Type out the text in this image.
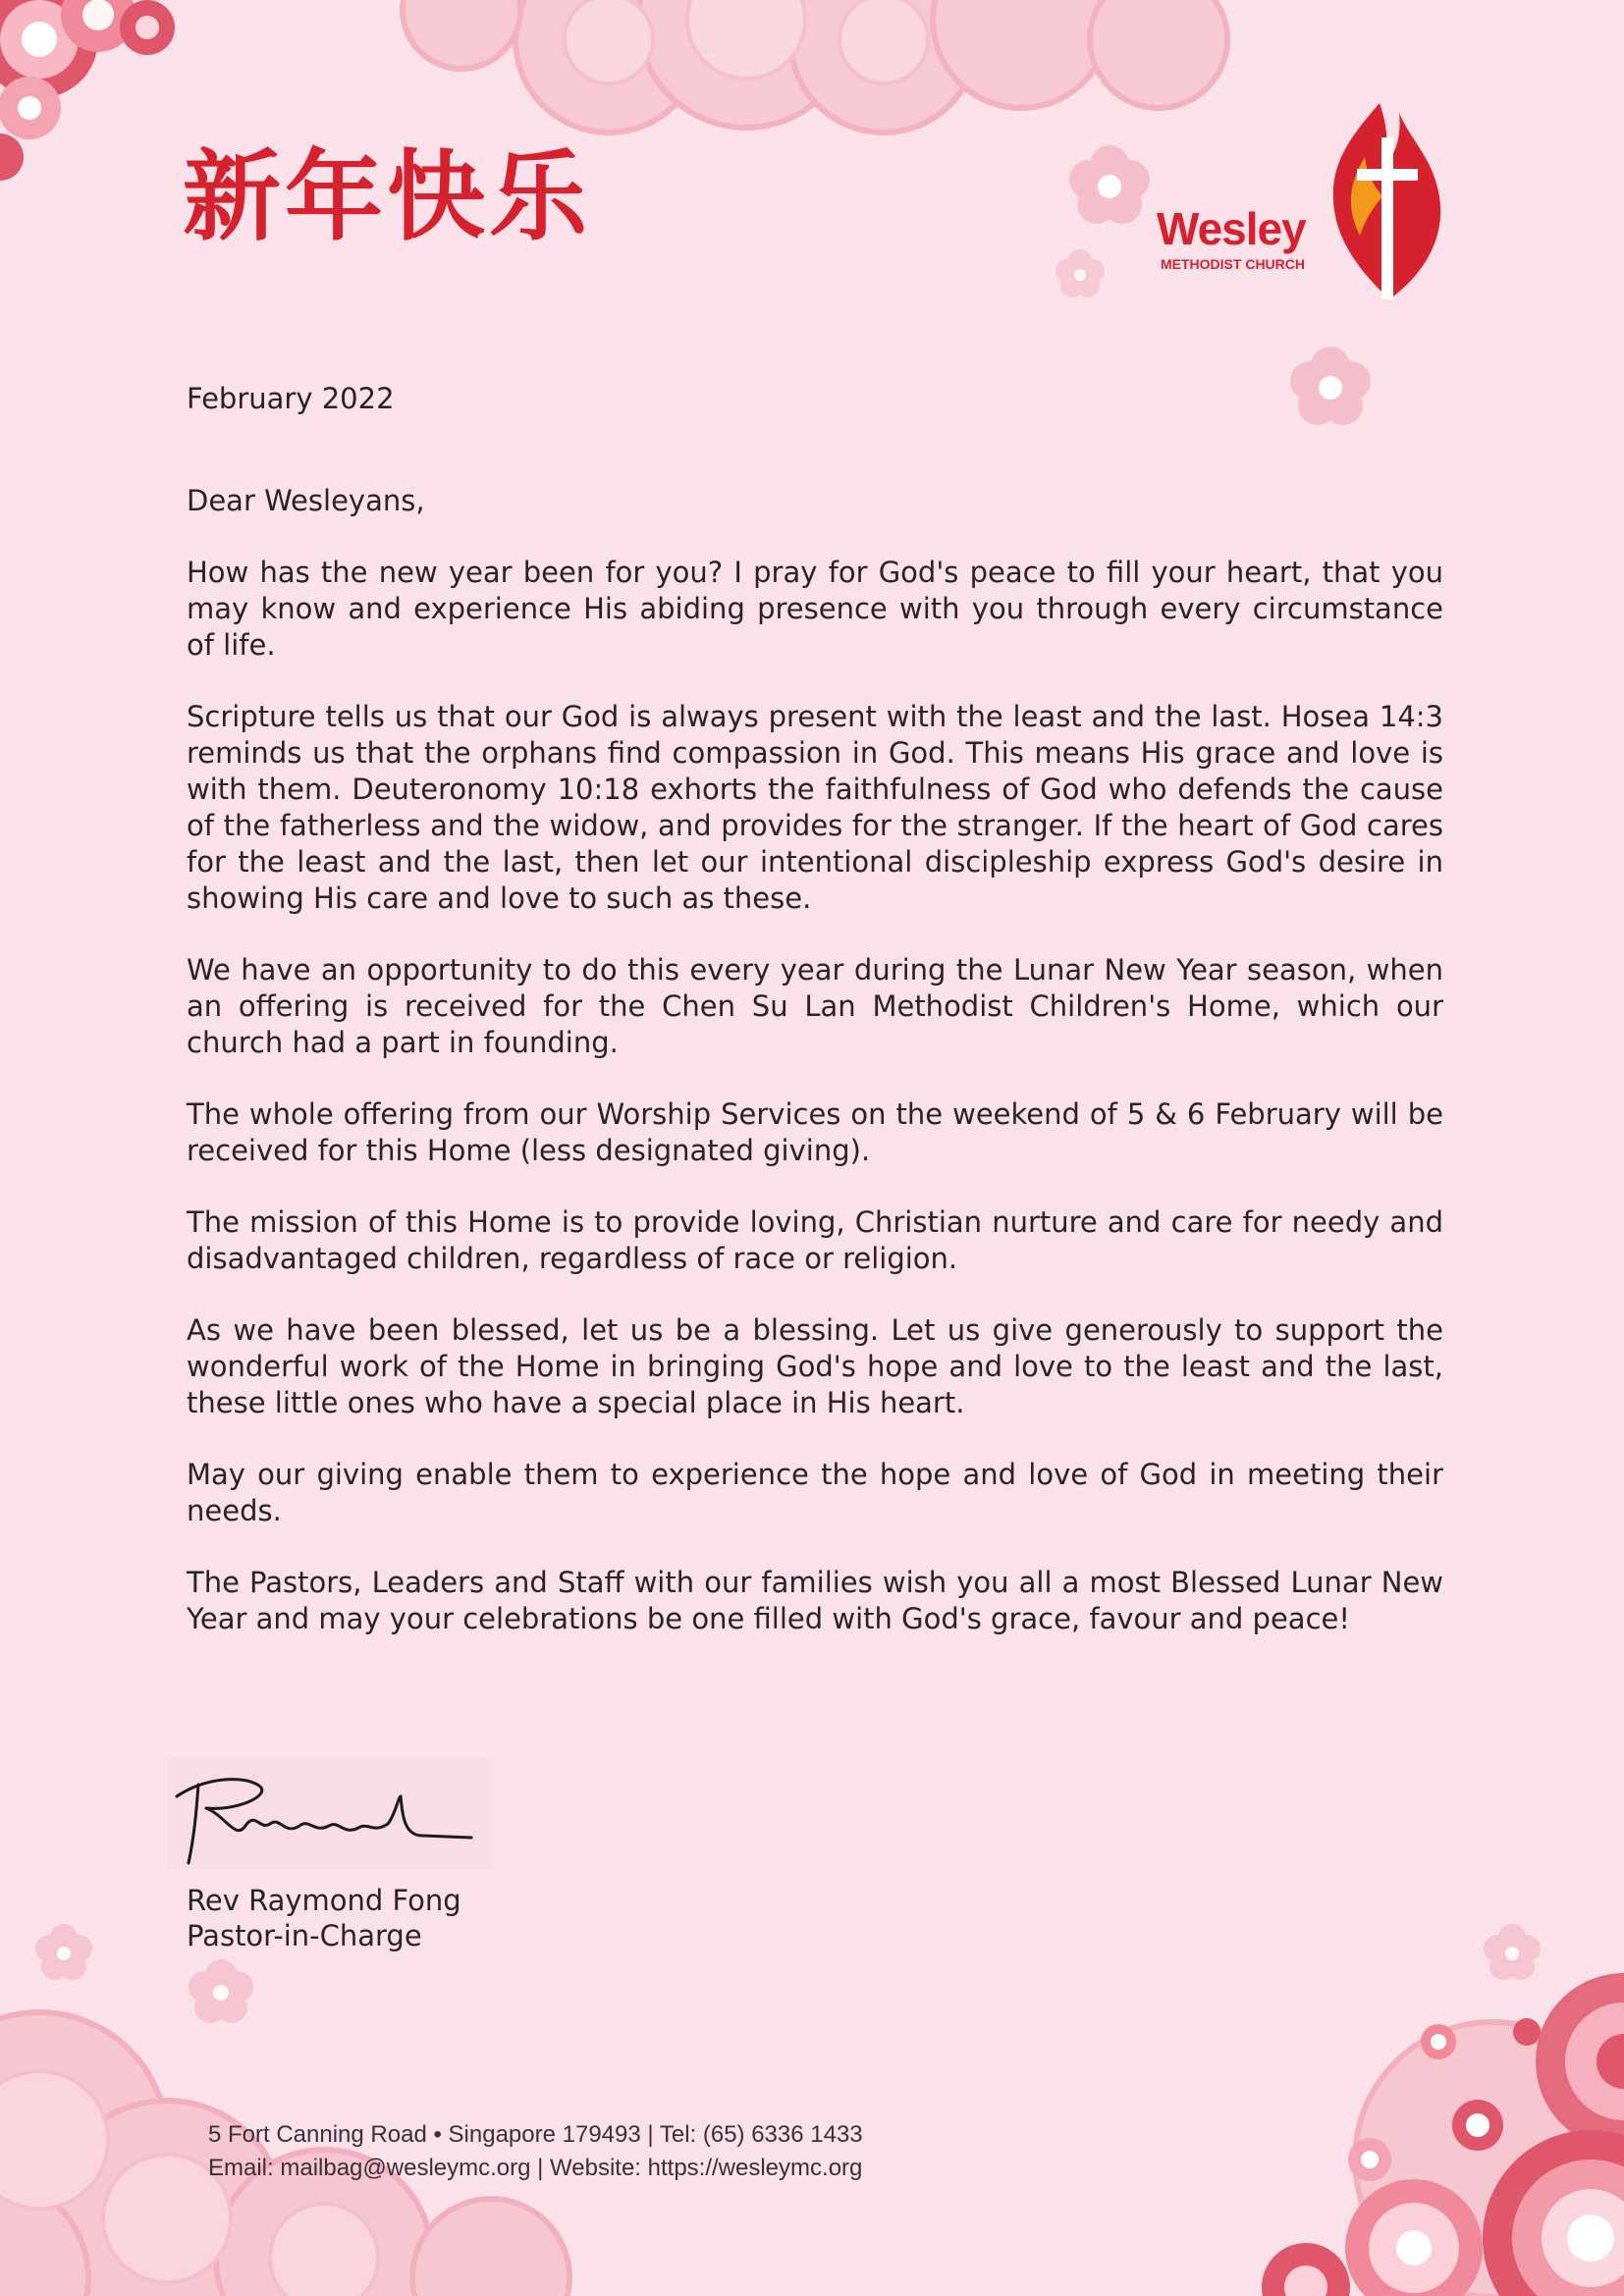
新年快乐	Wesley
METHODIST CHURCH

February 2022

Dear Wesleyans,

How has the new year been for you? I pray for God's peace to fill your heart, that you may know and experience His abiding presence with you through every circumstance of life.

Scripture tells us that our God is always present with the least and the last. Hosea 14:3 reminds us that the orphans find compassion in God. This means His grace and love is with them. Deuteronomy 10:18 exhorts the faithfulness of God who defends the cause of the fatherless and the widow, and provides for the stranger. If the heart of God cares for the least and the last, then let our intentional discipleship express God's desire in showing His care and love to such as these.

We have an opportunity to do this every year during the Lunar New Year season, when an offering is received for the Chen Su Lan Methodist Children's Home, which our church had a part in founding.

The whole offering from our Worship Services on the weekend of 5 & 6 February will be received for this Home (less designated giving).

The mission of this Home is to provide loving, Christian nurture and care for needy and disadvantaged children, regardless of race or religion.

As we have been blessed, let us be a blessing. Let us give generously to support the wonderful work of the Home in bringing God's hope and love to the least and the last, these little ones who have a special place in His heart.

May our giving enable them to experience the hope and love of God in meeting their needs.

The Pastors, Leaders and Staff with our families wish you all a most Blessed Lunar New Year and may your celebrations be one filled with God's grace, favour and peace!

Rev Raymond Fong
Pastor-in-Charge
5 Fort Canning Road • Singapore 179493 | Tel: (65) 6336 1433
Email: mailbag@wesleymc.org | Website: https://wesleymc.org
